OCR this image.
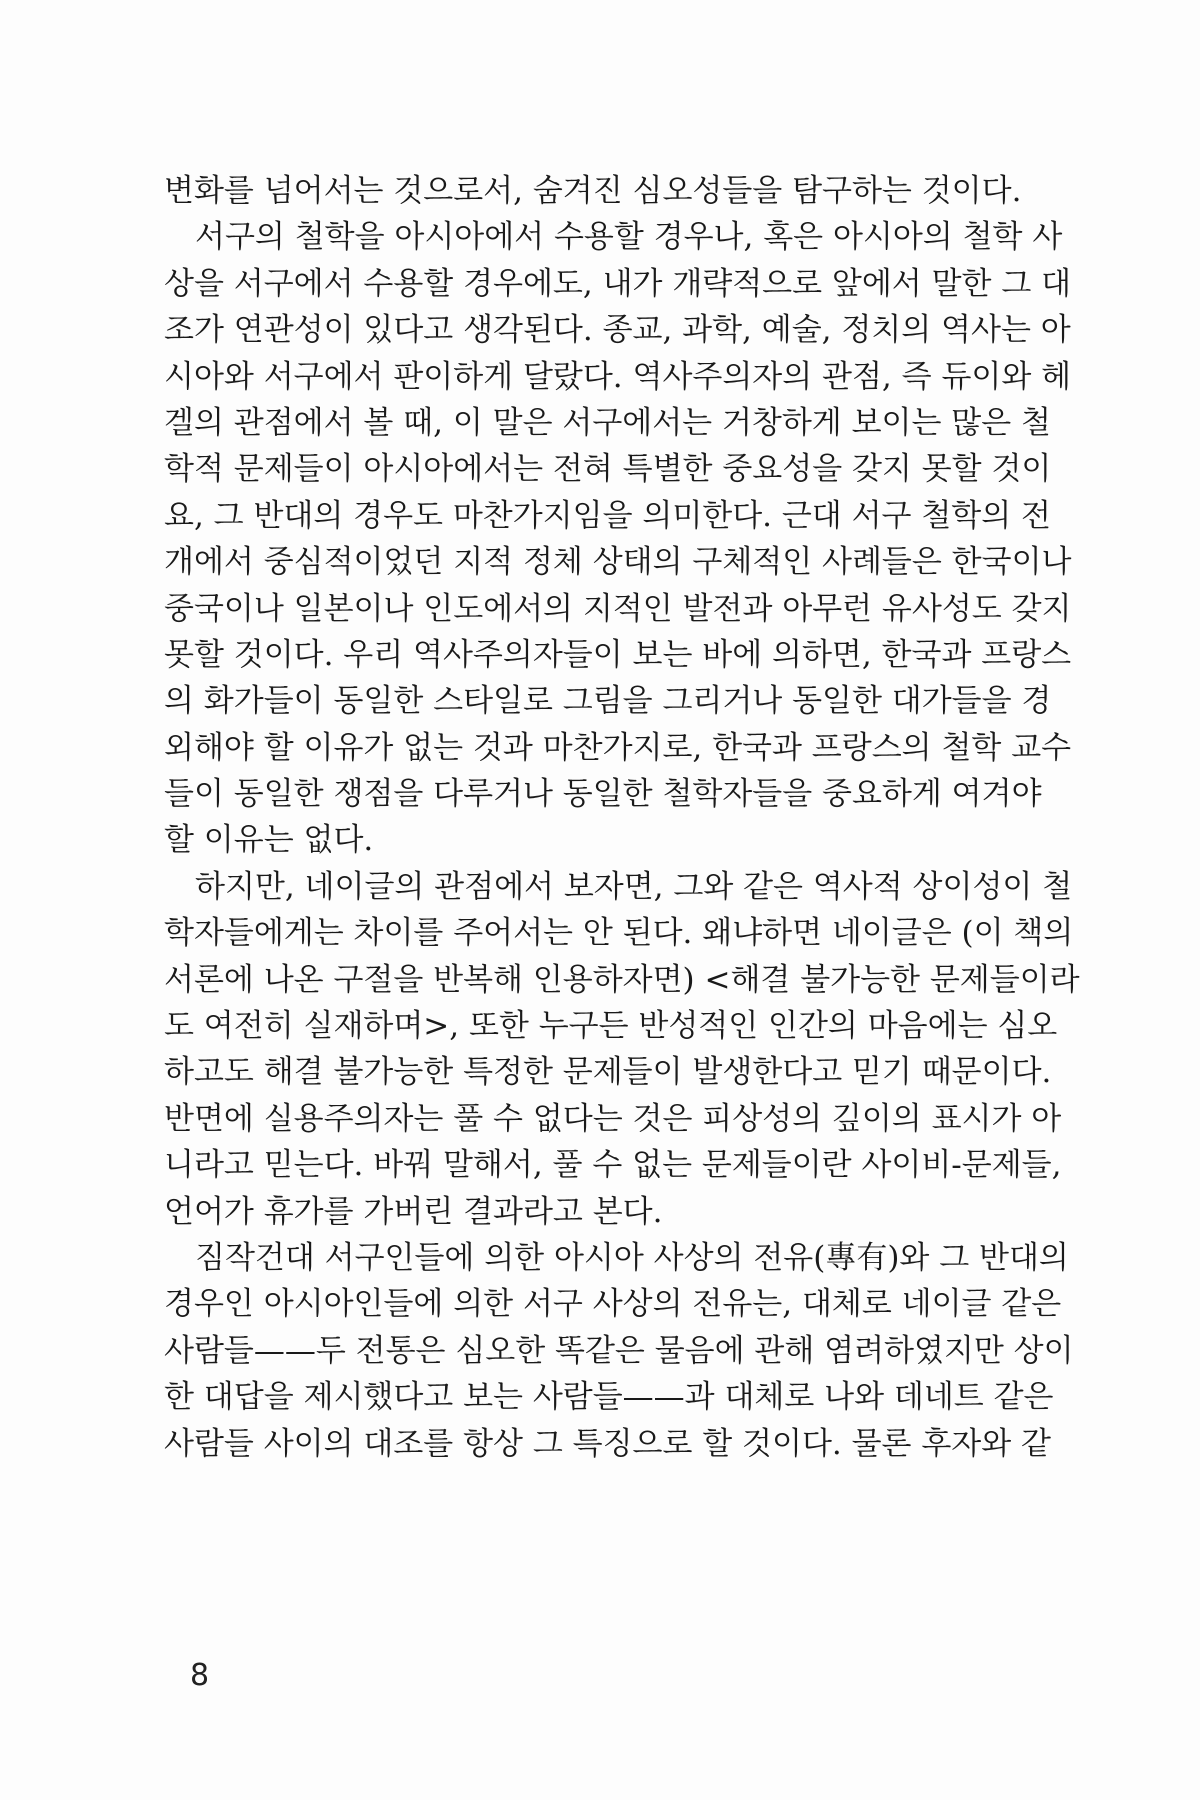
변화를 넘어서는 것으로서, 숨겨진 심오성들을 탐구하는 것이다.
서구의 철학을 아시아에서 수용할 경우나, 혹은 아시아의 철학 사
상을 서구에서 수용할 경우에도, 내가 개략적으로 앞에서 말한 그 대
조가 연관성이 있다고 생각된다. 종교, 과학, 예술, 정치의 역사는 아
시아와 서구에서 판이하게 달랐다. 역사주의자의 관점, 즉 듀이와 헤
겔의 관점에서 볼 때, 이 말은 서구에서는 거창하게 보이는 많은 철
학적 문제들이 아시아에서는 전혀 특별한 중요성을 갖지 못할 것이
요, 그 반대의 경우도 마찬가지임을 의미한다. 근대 서구 철학의 전
개에서 중심적이었던 지적 정체 상태의 구체적인 사례들은 한국이나
중국이나 일본이나 인도에서의 지적인 발전과 아무런 유사성도 갖지
못할 것이다. 우리 역사주의자들이 보는 바에 의하면, 한국과 프랑스
의 화가들이 동일한 스타일로 그림을 그리거나 동일한 대가들을 경
외해야 할 이유가 없는 것과 마찬가지로, 한국과 프랑스의 철학 교수
들이 동일한 쟁점을 다루거나 동일한 철학자들을 중요하게 여겨야
할 이유는 없다.
하지만, 네이글의 관점에서 보자면, 그와 같은 역사적 상이성이 철
학자들에게는 차이를 주어서는 안 된다. 왜냐하면 네이글은 (이 책의
서론에 나온 구절을 반복해 인용하자면) <해결 불가능한 문제들이라
도 여전히 실재하며>, 또한 누구든 반성적인 인간의 마음에는 심오
하고도 해결 불가능한 특정한 문제들이 발생한다고 믿기 때문이다.
반면에 실용주의자는 풀 수 없다는 것은 피상성의 깊이의 표시가 아
니라고 믿는다. 바꿔 말해서, 풀 수 없는 문제들이란 사이비-문제들,
언어가 휴가를 가버린 결과라고 본다.
짐작건대 서구인들에 의한 아시아 사상의 전유(專有)와 그 반대의
경우인 아시아인들에 의한 서구 사상의 전유는, 대체로 네이글 같은
사람들——두 전통은 심오한 똑같은 물음에 관해 염려하였지만 상이
한 대답을 제시했다고 보는 사람들——과 대체로 나와 데네트 같은
사람들 사이의 대조를 항상 그 특징으로 할 것이다. 물론 후자와 같
8
